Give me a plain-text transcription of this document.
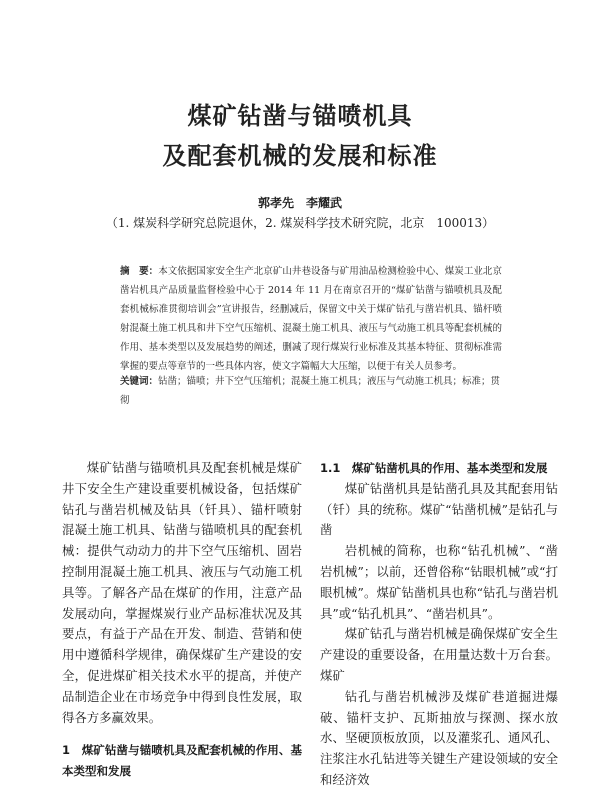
煤矿钻凿与锚喷机具
及配套机械的发展和标准
郭孝先　李耀武
（1. 煤炭科学研究总院退休，2. 煤炭科学技术研究院，北京　100013）
摘　要：本文依据国家安全生产北京矿山井巷设备与矿用油品检测检验中心、煤炭工业北京凿岩机具产品质量监督检验中心于 2014 年 11 月在南京召开的“煤矿钻凿与锚喷机具及配套机械标准贯彻培训会”宣讲报告，经删减后，保留文中关于煤矿钻孔与凿岩机具、锚杆喷射混凝土施工机具和井下空气压缩机、混凝土施工机具、液压与气动施工机具等配套机械的作用、基本类型以及发展趋势的阐述，删减了现行煤炭行业标准及其基本特征、贯彻标准需掌握的要点等章节的一些具体内容，使文字篇幅大大压缩，以便于有关人员参考。
关键词：钻凿；锚喷；井下空气压缩机；混凝土施工机具；液压与气动施工机具；标准；贯彻

煤矿钻凿与锚喷机具及配套机械是煤矿井下安全生产建设重要机械设备，包括煤矿钻孔与凿岩机械及钻具（钎具）、锚杆喷射混凝土施工机具、钻凿与锚喷机具的配套机械：提供气动动力的井下空气压缩机、固岩控制用混凝土施工机具、液压与气动施工机具等。了解各产品在煤矿的作用，注意产品发展动向，掌握煤炭行业产品标准状况及其要点，有益于产品在开发、制造、营销和使用中遵循科学规律，确保煤矿生产建设的安全，促进煤矿相关技术水平的提高，并使产品制造企业在市场竞争中得到良性发展，取得各方多赢效果。

1　煤矿钻凿与锚喷机具及配套机械的作用、基本类型和发展

1.1　煤矿钻凿机具的作用、基本类型和发展

煤矿钻凿机具是钻凿孔具及其配套用钻（钎）具的统称。煤矿“钻凿机械”是钻孔与凿

岩机械的简称，也称“钻孔机械”、“凿岩机械”；以前，还曾俗称“钻眼机械”或“打眼机械”。煤矿钻凿机具也称“钻孔与凿岩机具”或“钻孔机具”、“凿岩机具”。

煤矿钻孔与凿岩机械是确保煤矿安全生产建设的重要设备，在用量达数十万台套。煤矿

钻孔与凿岩机械涉及煤矿巷道掘进爆破、锚杆支护、瓦斯抽放与探测、探水放水、坚硬顶板放顶，以及灌浆孔、通风孔、注浆注水孔钻进等关键生产建设领域的安全和经济效
